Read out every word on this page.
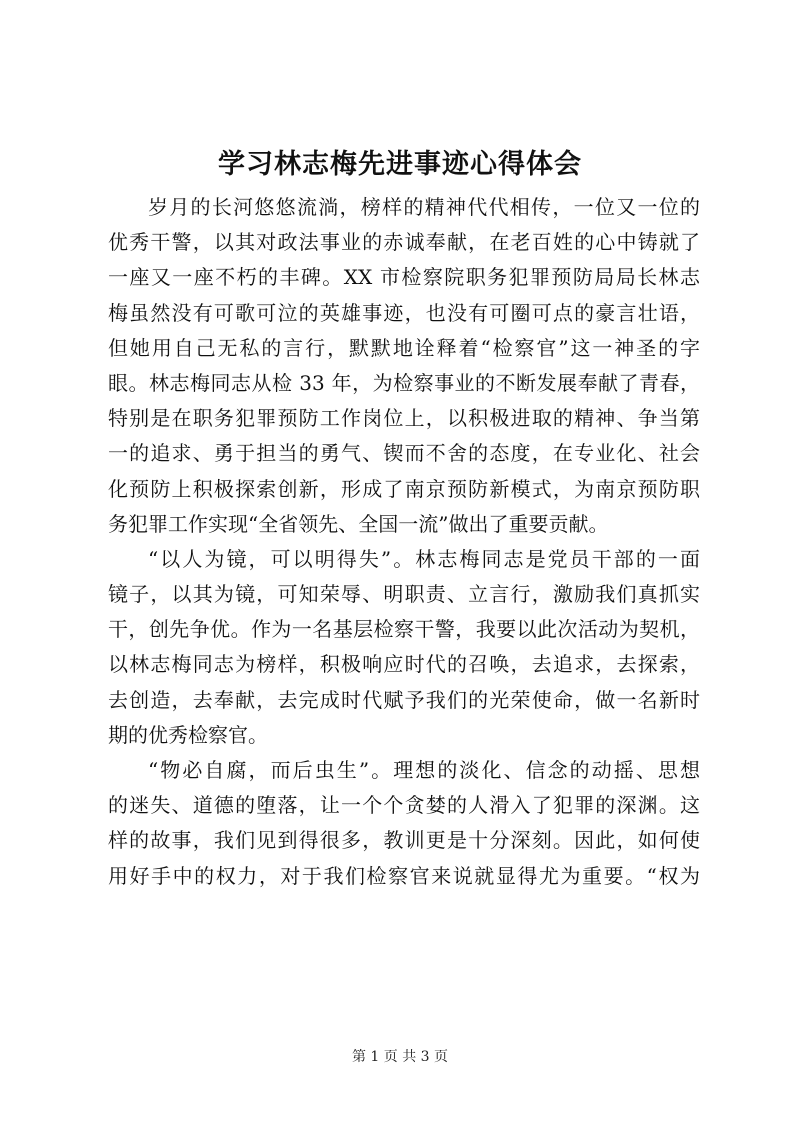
学习林志梅先进事迹心得体会
岁月的长河悠悠流淌，榜样的精神代代相传，一位又一位的
优秀干警，以其对政法事业的赤诚奉献，在老百姓的心中铸就了
一座又一座不朽的丰碑。XX 市检察院职务犯罪预防局局长林志
梅虽然没有可歌可泣的英雄事迹，也没有可圈可点的豪言壮语，
但她用自己无私的言行，默默地诠释着“检察官”这一神圣的字
眼。林志梅同志从检 33 年，为检察事业的不断发展奉献了青春，
特别是在职务犯罪预防工作岗位上，以积极进取的精神、争当第
一的追求、勇于担当的勇气、锲而不舍的态度，在专业化、社会
化预防上积极探索创新，形成了南京预防新模式，为南京预防职
务犯罪工作实现“全省领先、全国一流”做出了重要贡献。
“以人为镜，可以明得失”。林志梅同志是党员干部的一面
镜子，以其为镜，可知荣辱、明职责、立言行，激励我们真抓实
干，创先争优。作为一名基层检察干警，我要以此次活动为契机，
以林志梅同志为榜样，积极响应时代的召唤，去追求，去探索，
去创造，去奉献，去完成时代赋予我们的光荣使命，做一名新时
期的优秀检察官。
“物必自腐，而后虫生”。理想的淡化、信念的动摇、思想
的迷失、道德的堕落，让一个个贪婪的人滑入了犯罪的深渊。这
样的故事，我们见到得很多，教训更是十分深刻。因此，如何使
用好手中的权力，对于我们检察官来说就显得尤为重要。“权为
第 1 页 共 3 页
